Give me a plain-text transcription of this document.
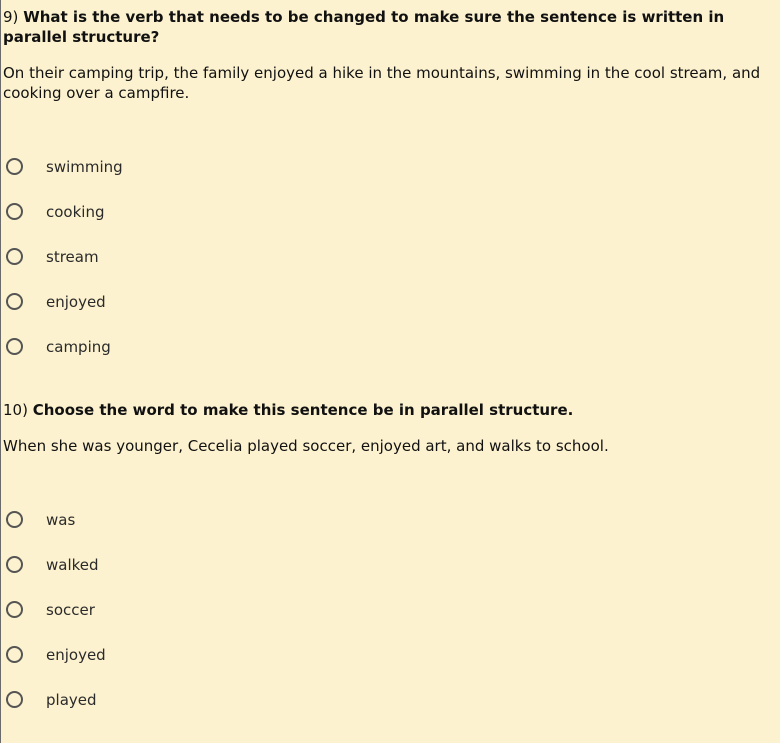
9) What is the verb that needs to be changed to make sure the sentence is written in parallel structure?

On their camping trip, the family enjoyed a hike in the mountains, swimming in the cool stream, and cooking over a campfire.

swimming
cooking
stream
enjoyed
camping
10) Choose the word to make this sentence be in parallel structure.

When she was younger, Cecelia played soccer, enjoyed art, and walks to school.

was
walked
soccer
enjoyed
played
